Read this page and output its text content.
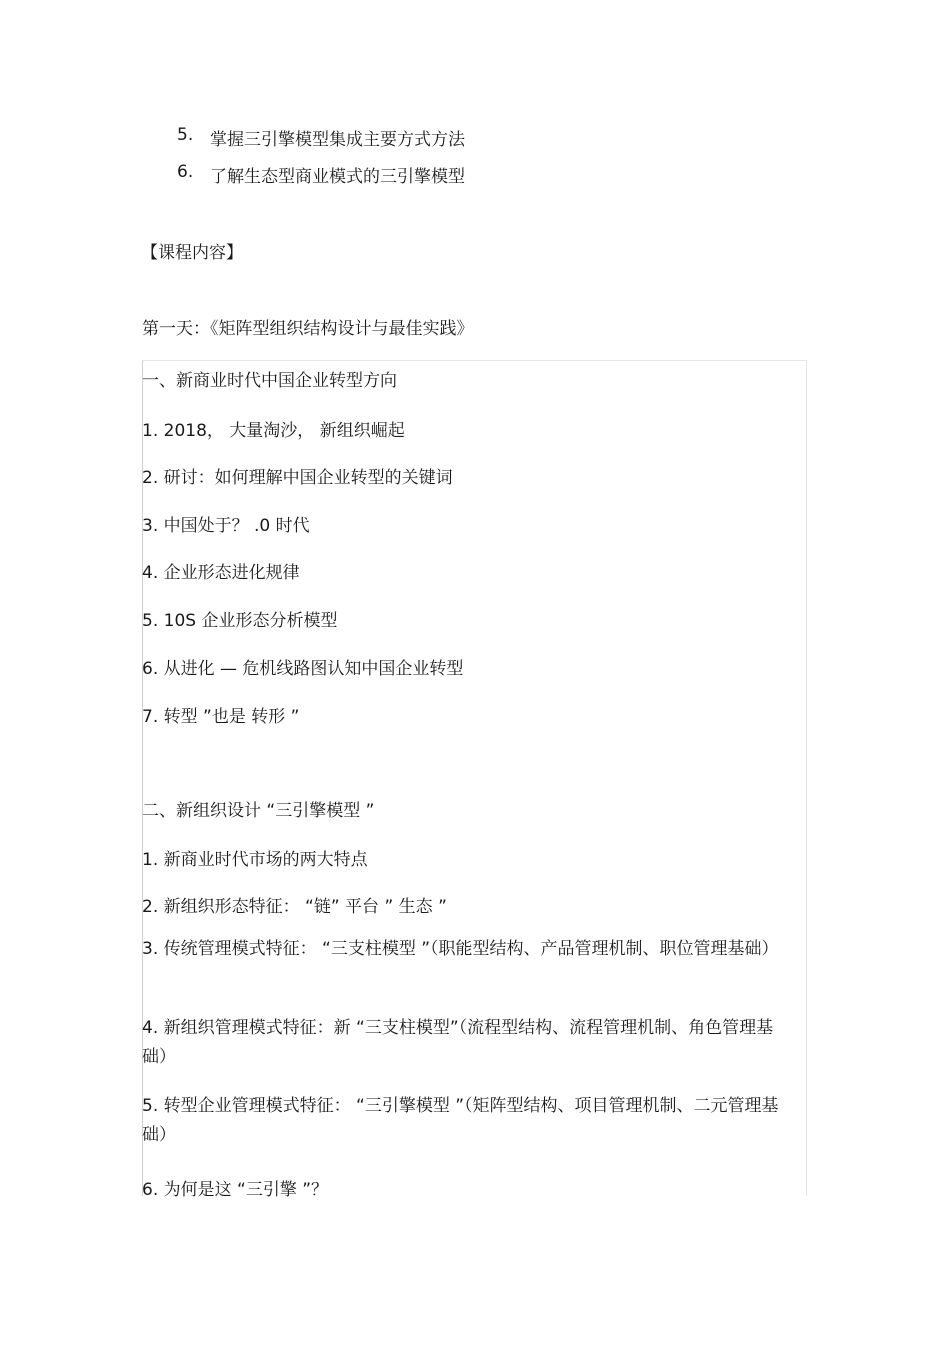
5. 掌握三引擎模型集成主要方式方法
6. 了解生态型商业模式的三引擎模型
【课程内容】
第一天：《矩阵型组织结构设计与最佳实践》
一、新商业时代中国企业转型方向
1. 2018， 大量淘沙， 新组织崛起
2. 研讨：如何理解中国企业转型的关键词
3. 中国处于？ .0 时代
4. 企业形态进化规律
5. 10S 企业形态分析模型
6. 从进化 — 危机线路图认知中国企业转型
7. 转型 ”也是 转形 ”
二、新组织设计 “三引擎模型 ”
1. 新商业时代市场的两大特点
2. 新组织形态特征： “链” 平台 ” 生态 ”
3. 传统管理模式特征： “三支柱模型 ”（职能型结构、产品管理机制、职位管理基础）
4. 新组织管理模式特征：新 “三支柱模型”（流程型结构、流程管理机制、角色管理基础）
5. 转型企业管理模式特征： “三引擎模型 ”（矩阵型结构、项目管理机制、二元管理基础）
6. 为何是这 “三引擎 ”？
